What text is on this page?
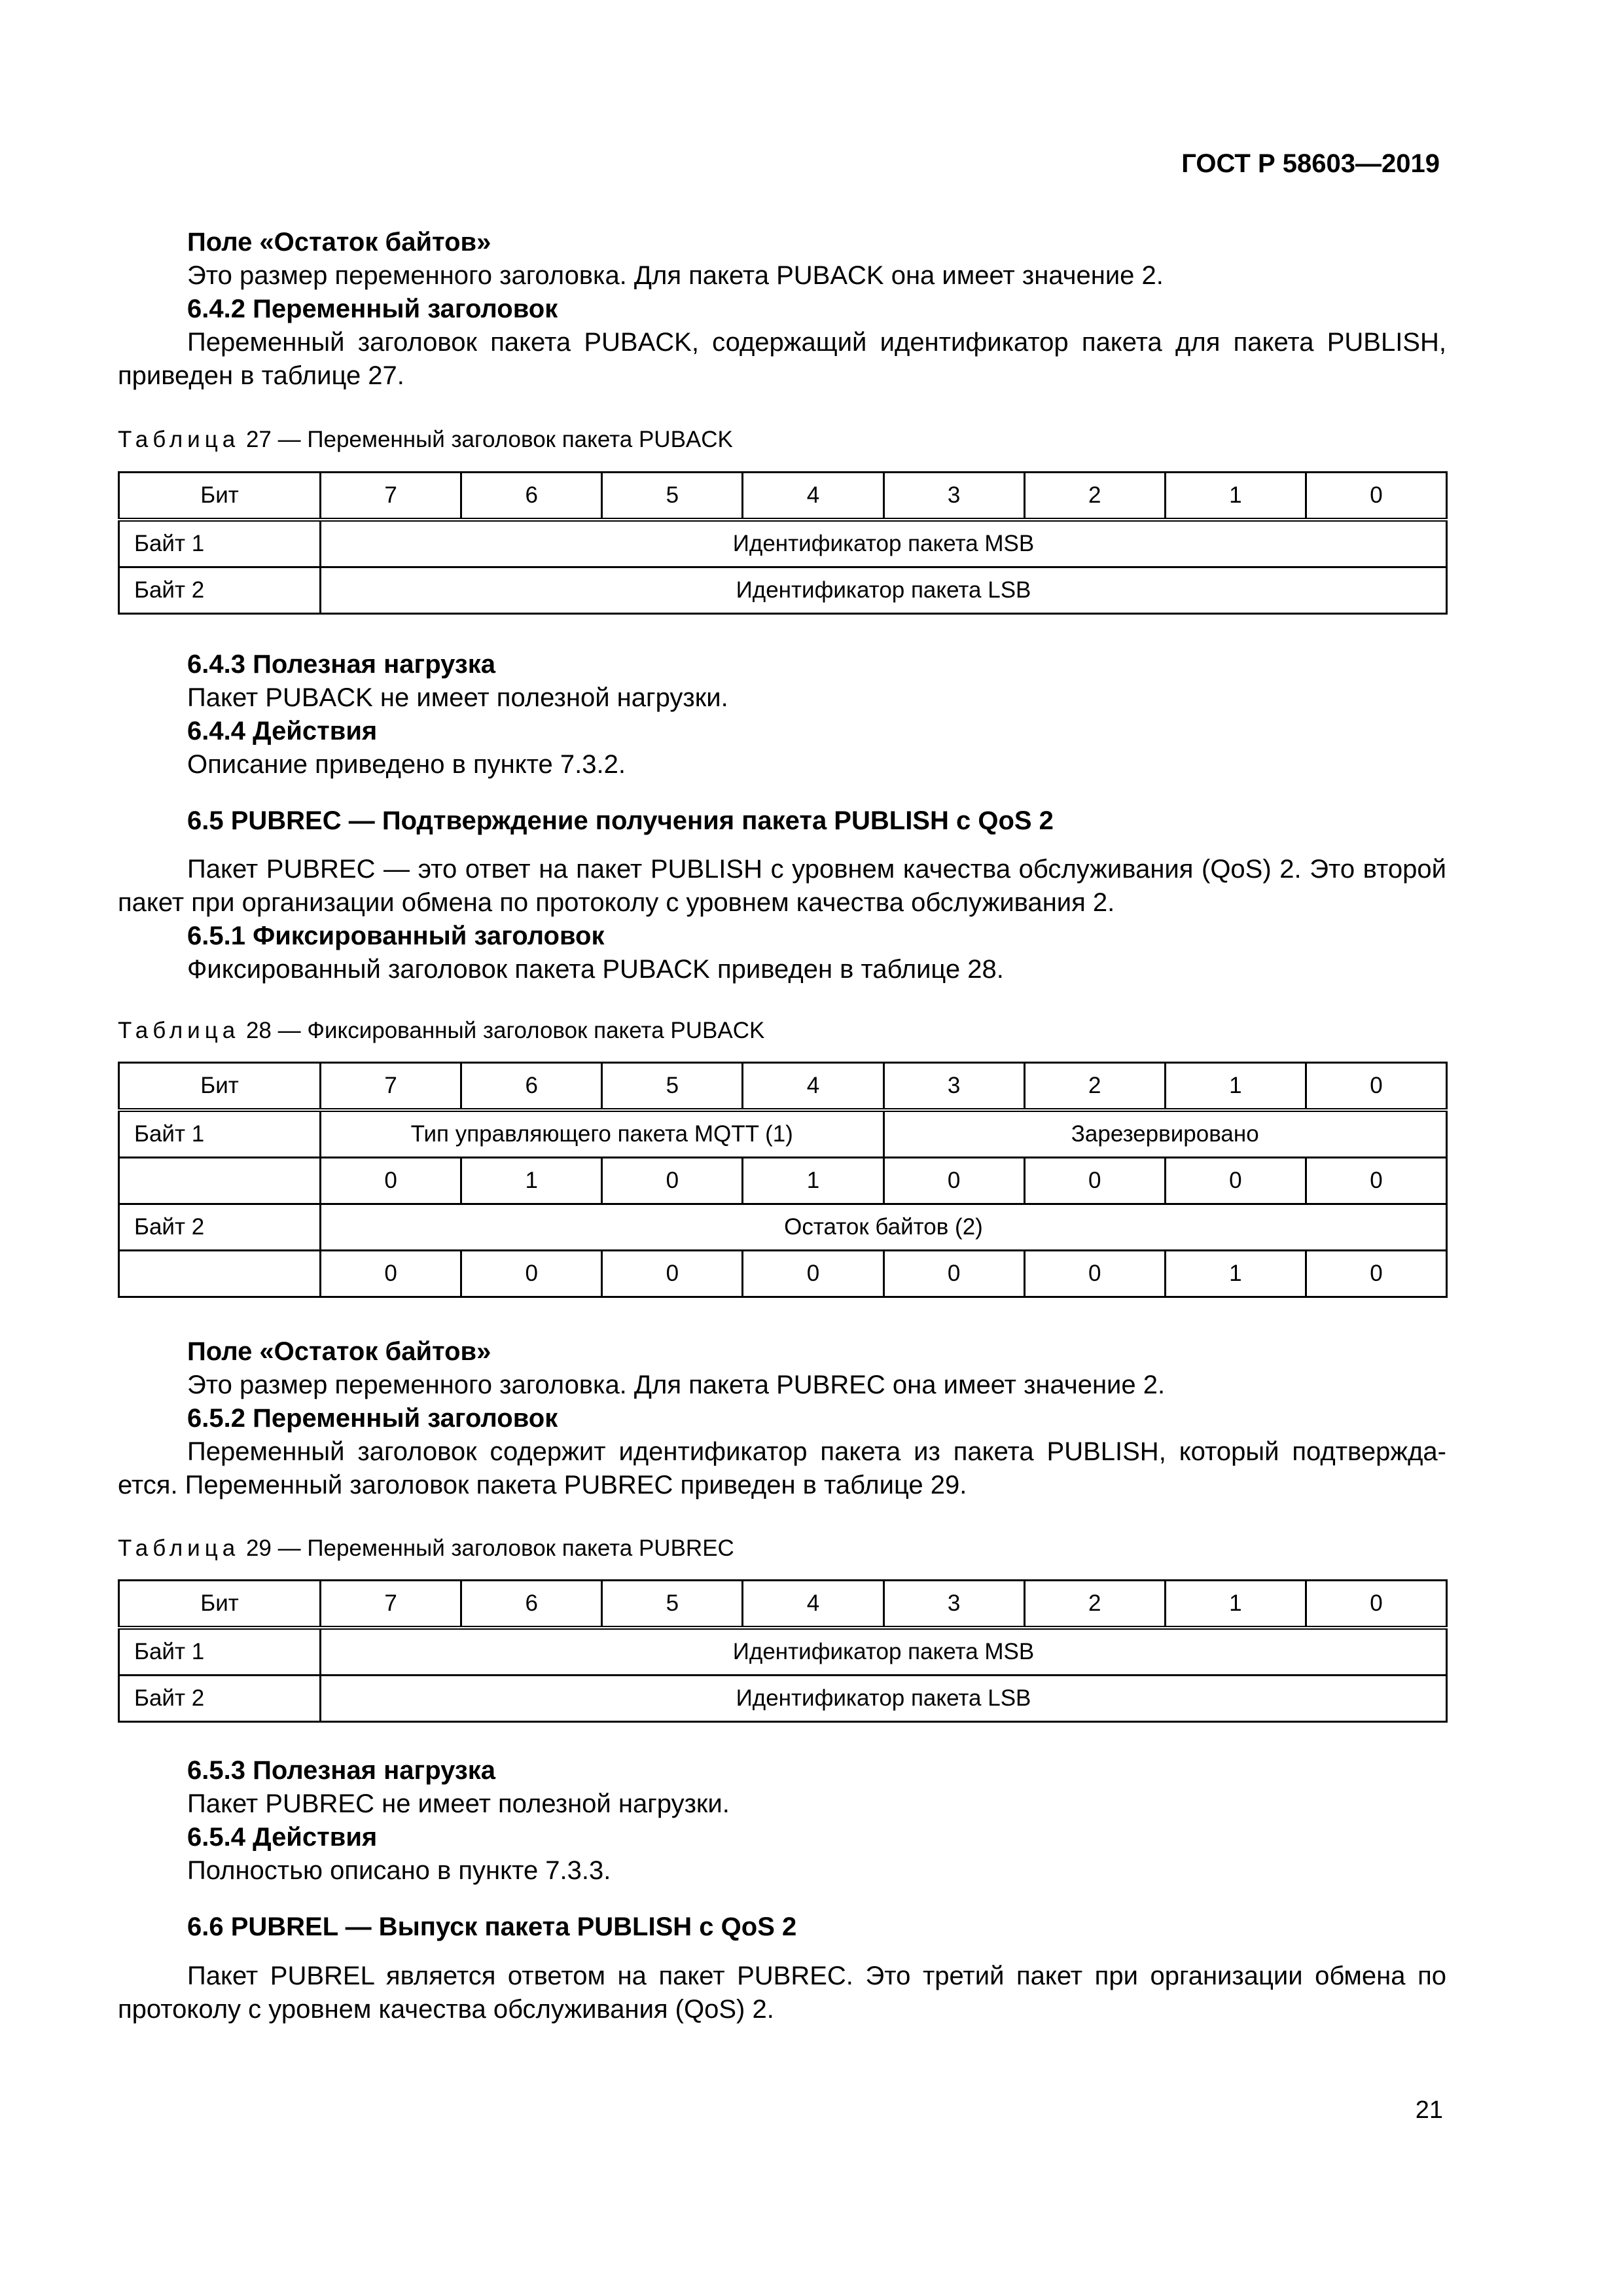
ГОСТ Р 58603—2019

Поле «Остаток байтов»

Это размер переменного заголовка. Для пакета PUBACK она имеет значение 2.

6.4.2 Переменный заголовок

Переменный заголовок пакета PUBACK, содержащий идентификатор пакета для пакета PUBLISH, приведен в таблице 27.

Таблица 27 — Переменный заголовок пакета PUBACK
Бит	7	6	5	4	3	2	1	0
Байт 1	Идентификатор пакета MSB							
Байт 2	Идентификатор пакета LSB							

6.4.3 Полезная нагрузка

Пакет PUBACK не имеет полезной нагрузки.

6.4.4 Действия

Описание приведено в пункте 7.3.2.

6.5 PUBREC — Подтверждение получения пакета PUBLISH с QoS 2

Пакет PUBREC — это ответ на пакет PUBLISH с уровнем качества обслуживания (QoS) 2. Это второй пакет при организации обмена по протоколу с уровнем качества обслуживания 2.

6.5.1 Фиксированный заголовок

Фиксированный заголовок пакета PUBACK приведен в таблице 28.

Таблица 28 — Фиксированный заголовок пакета PUBACK
Бит	7	6	5	4	3	2	1	0
Байт 1	Тип управляющего пакета MQTT (1)				Зарезервировано			
	0	1	0	1	0	0	0	0
Байт 2	Остаток байтов (2)							
	0	0	0	0	0	0	1	0

Поле «Остаток байтов»

Это размер переменного заголовка. Для пакета PUBREC она имеет значение 2.

6.5.2 Переменный заголовок

Переменный заголовок содержит идентификатор пакета из пакета PUBLISH, который подтвержда-ется. Переменный заголовок пакета PUBREC приведен в таблице 29.

Таблица 29 — Переменный заголовок пакета PUBREC
Бит	7	6	5	4	3	2	1	0
Байт 1	Идентификатор пакета MSB							
Байт 2	Идентификатор пакета LSB							

6.5.3 Полезная нагрузка

Пакет PUBREC не имеет полезной нагрузки.

6.5.4 Действия

Полностью описано в пункте 7.3.3.

6.6 PUBREL — Выпуск пакета PUBLISH с QoS 2

Пакет PUBREL является ответом на пакет PUBREC. Это третий пакет при организации обмена по протоколу с уровнем качества обслуживания (QoS) 2.

21
